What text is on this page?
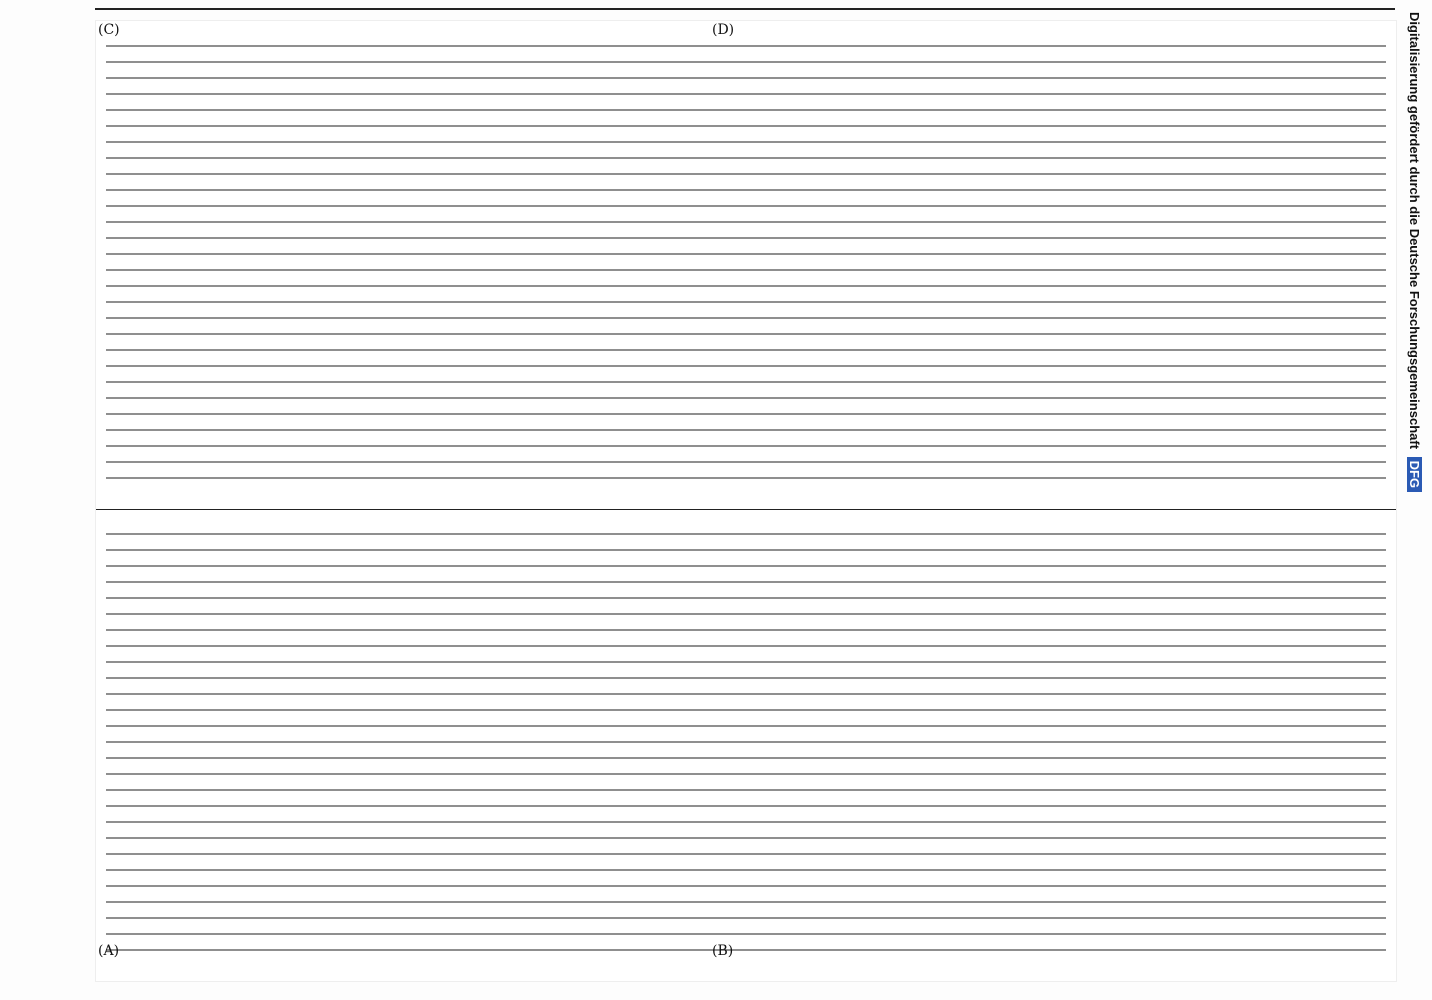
(A)	(B)
(C)	(D)	Digitalisierung gefördert durch die Deutsche Forschungsgemeinschaft DFG
